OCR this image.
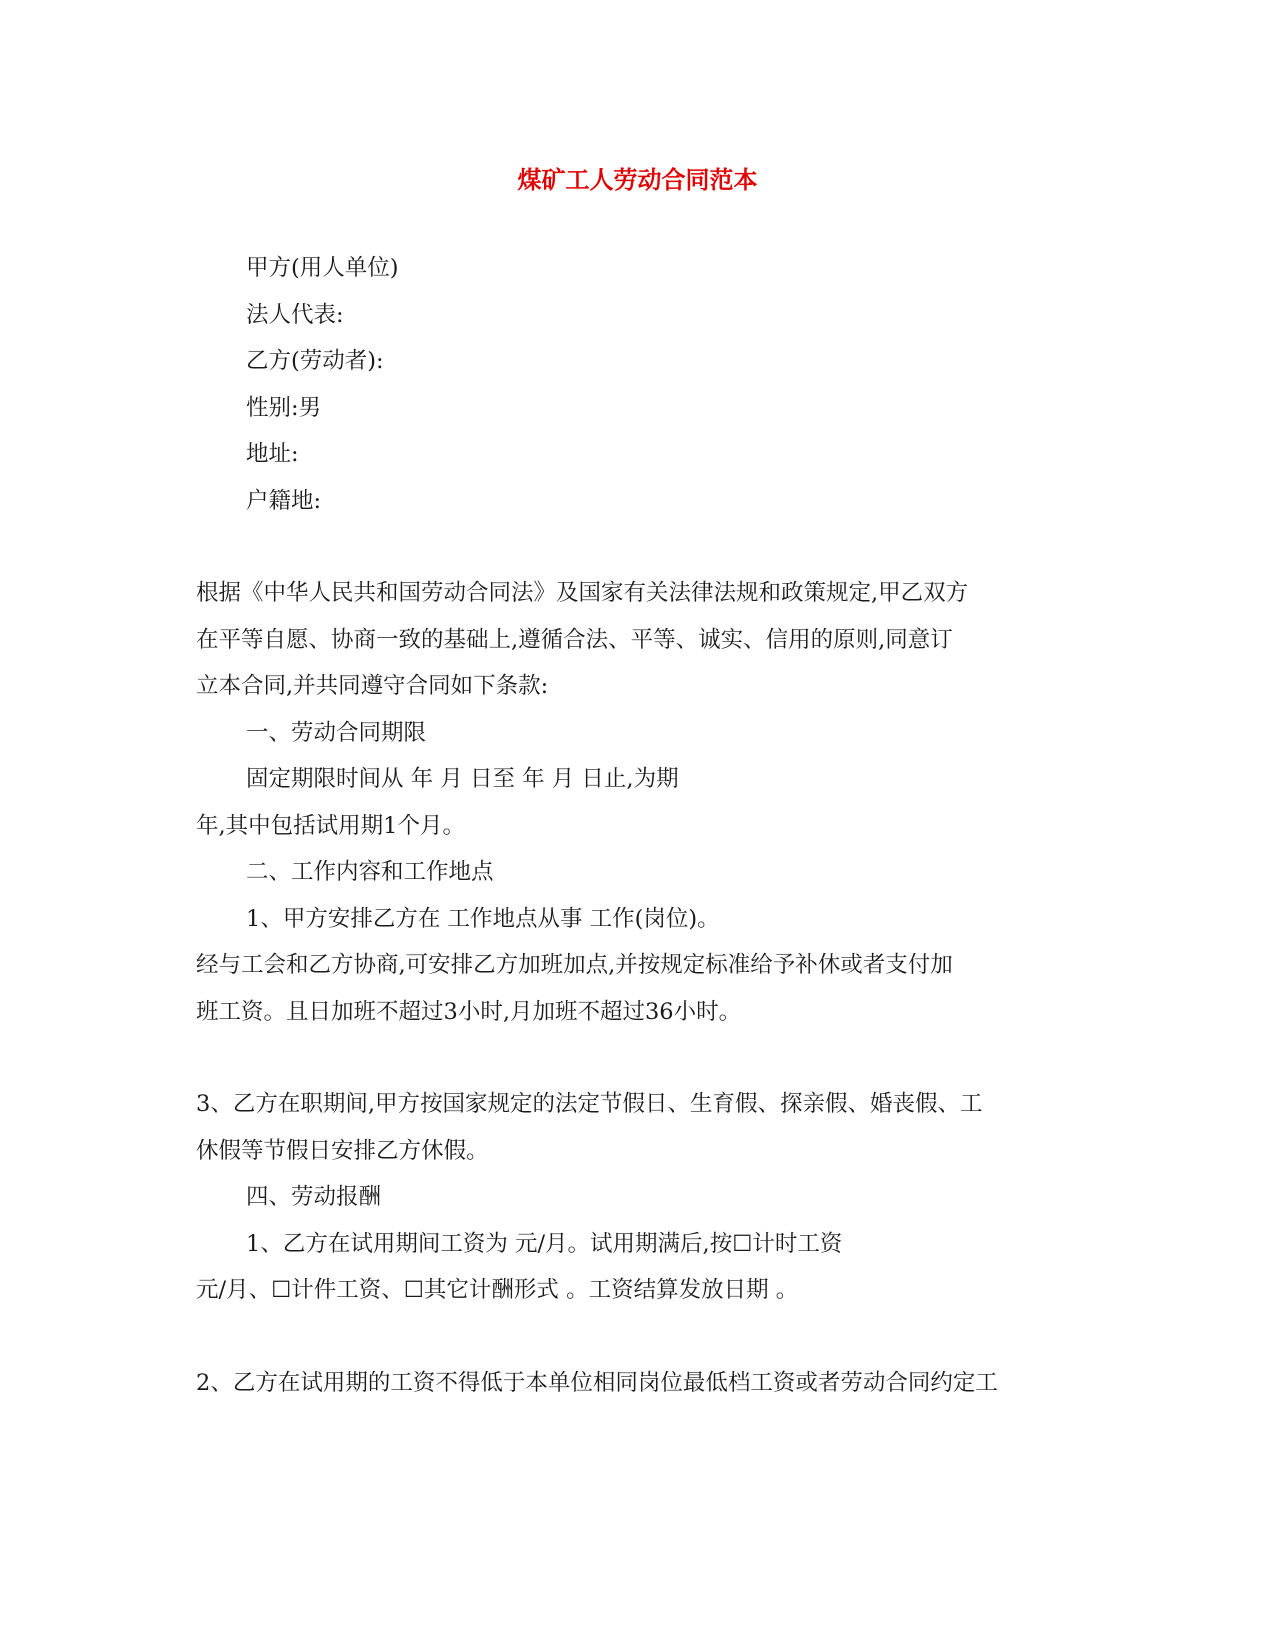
煤矿工人劳动合同范本
甲方(用人单位)
法人代表:
乙方(劳动者):
性别:男
地址:
户籍地:
根据《中华人民共和国劳动合同法》及国家有关法律法规和政策规定,甲乙双方
在平等自愿、协商一致的基础上,遵循合法、平等、诚实、信用的原则,同意订
立本合同,并共同遵守合同如下条款:
一、劳动合同期限
固定期限时间从 年 月 日至 年 月 日止,为期
年,其中包括试用期1个月。
二、工作内容和工作地点
1、甲方安排乙方在 工作地点从事 工作(岗位)。
经与工会和乙方协商,可安排乙方加班加点,并按规定标准给予补休或者支付加
班工资。且日加班不超过3小时,月加班不超过36小时。
3、乙方在职期间,甲方按国家规定的法定节假日、生育假、探亲假、婚丧假、工
休假等节假日安排乙方休假。
四、劳动报酬
1、乙方在试用期间工资为 元/月。试用期满后,按☐计时工资
元/月、☐计件工资、☐其它计酬形式 。工资结算发放日期 。
2、乙方在试用期的工资不得低于本单位相同岗位最低档工资或者劳动合同约定工
